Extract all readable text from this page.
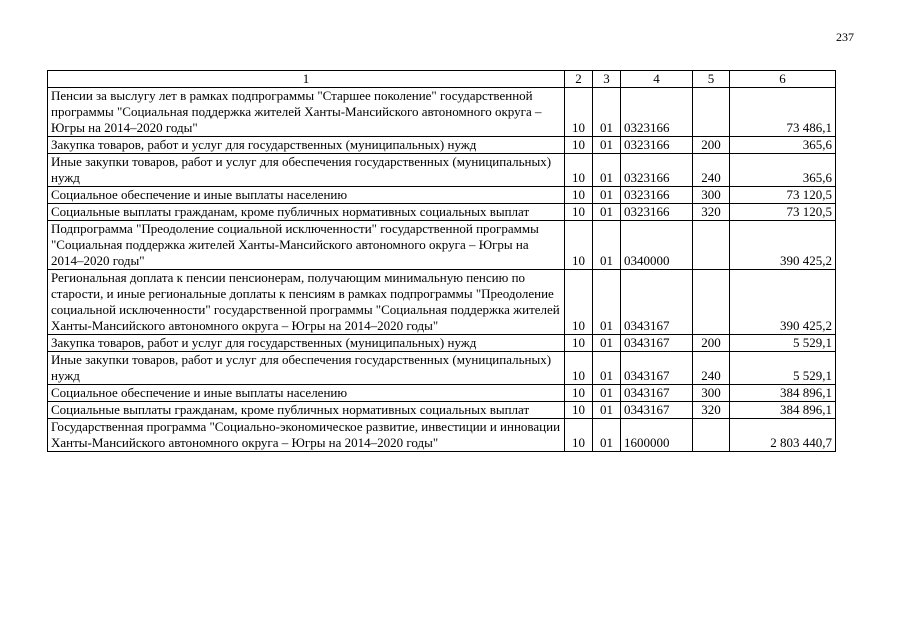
237
1	2	3	4	5	6
Пенсии за выслугу лет в рамках подпрограммы "Старшее поколение" государственной программы "Социальная поддержка жителей Ханты-Мансийского автономного округа – Югры на 2014–2020 годы"	10	01	0323166		73 486,1
Закупка товаров, работ и услуг для государственных (муниципальных) нужд	10	01	0323166	200	365,6
Иные закупки товаров, работ и услуг для обеспечения государственных (муниципальных) нужд	10	01	0323166	240	365,6
Социальное обеспечение и иные выплаты населению	10	01	0323166	300	73 120,5
Социальные выплаты гражданам, кроме публичных нормативных социальных выплат	10	01	0323166	320	73 120,5
Подпрограмма "Преодоление социальной исключенности" государственной программы "Социальная поддержка жителей Ханты-Мансийского автономного округа – Югры на 2014–2020 годы"	10	01	0340000		390 425,2
Региональная доплата к пенсии пенсионерам, получающим минимальную пенсию по старости, и иные региональные доплаты к пенсиям в рамках подпрограммы "Преодоление социальной исключенности" государственной программы "Социальная поддержка жителей Ханты-Мансийского автономного округа – Югры на 2014–2020 годы"	10	01	0343167		390 425,2
Закупка товаров, работ и услуг для государственных (муниципальных) нужд	10	01	0343167	200	5 529,1
Иные закупки товаров, работ и услуг для обеспечения государственных (муниципальных) нужд	10	01	0343167	240	5 529,1
Социальное обеспечение и иные выплаты населению	10	01	0343167	300	384 896,1
Социальные выплаты гражданам, кроме публичных нормативных социальных выплат	10	01	0343167	320	384 896,1
Государственная программа "Социально-экономическое развитие, инвестиции и инновации Ханты-Мансийского автономного округа – Югры на 2014–2020 годы"	10	01	1600000		2 803 440,7
